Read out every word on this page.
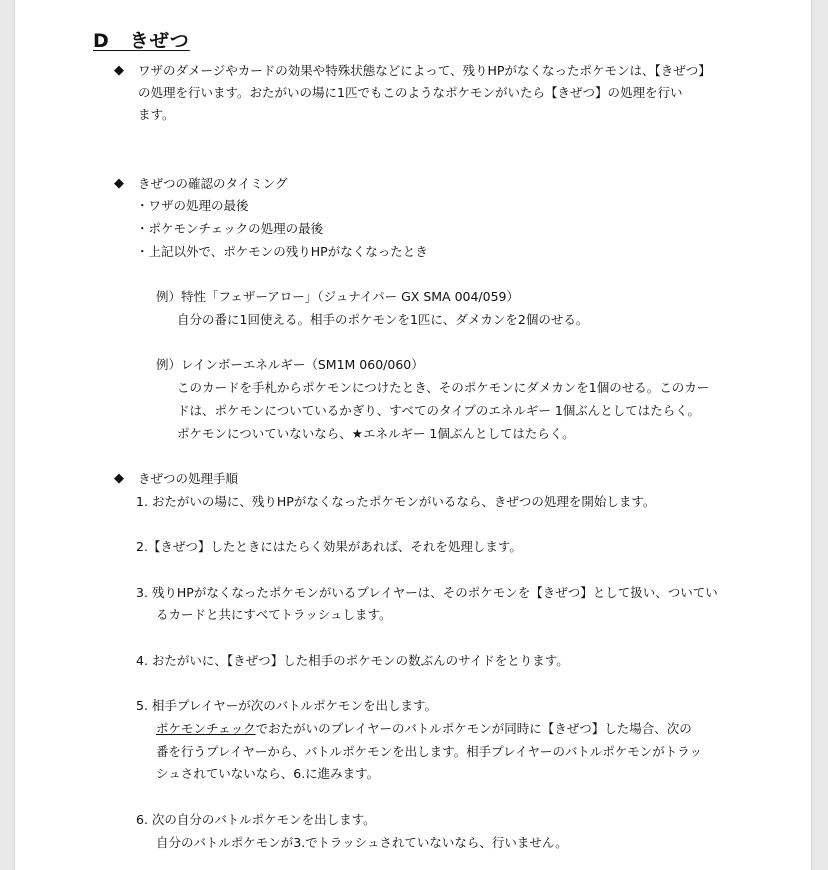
D　きぜつ
◆ ワザのダメージやカードの効果や特殊状態などによって、残りHPがなくなったポケモンは、【きぜつ】
の処理を行います。おたがいの場に1匹でもこのようなポケモンがいたら【きぜつ】の処理を行い
ます。
◆ きぜつの確認のタイミング
・ワザの処理の最後
・ポケモンチェックの処理の最後
・上記以外で、ポケモンの残りHPがなくなったとき
例）特性「フェザーアロー」（ジュナイパー GX SMA 004/059）
自分の番に1回使える。相手のポケモンを1匹に、ダメカンを2個のせる。
例）レインボーエネルギー（SM1M 060/060）
このカードを手札からポケモンにつけたとき、そのポケモンにダメカンを1個のせる。このカー
ドは、ポケモンについているかぎり、すべてのタイプのエネルギー 1個ぶんとしてはたらく。
ポケモンについていないなら、★エネルギー 1個ぶんとしてはたらく。
◆ きぜつの処理手順
1. おたがいの場に、残りHPがなくなったポケモンがいるなら、きぜつの処理を開始します。
2.【きぜつ】したときにはたらく効果があれば、それを処理します。
3. 残りHPがなくなったポケモンがいるプレイヤーは、そのポケモンを【きぜつ】として扱い、ついてい
るカードと共にすべてトラッシュします。
4. おたがいに、【きぜつ】した相手のポケモンの数ぶんのサイドをとります。
5. 相手プレイヤーが次のバトルポケモンを出します。
ポケモンチェックでおたがいのプレイヤーのバトルポケモンが同時に【きぜつ】した場合、次の
番を行うプレイヤーから、バトルポケモンを出します。相手プレイヤーのバトルポケモンがトラッ
シュされていないなら、6.に進みます。
6. 次の自分のバトルポケモンを出します。
自分のバトルポケモンが3.でトラッシュされていないなら、行いません。
